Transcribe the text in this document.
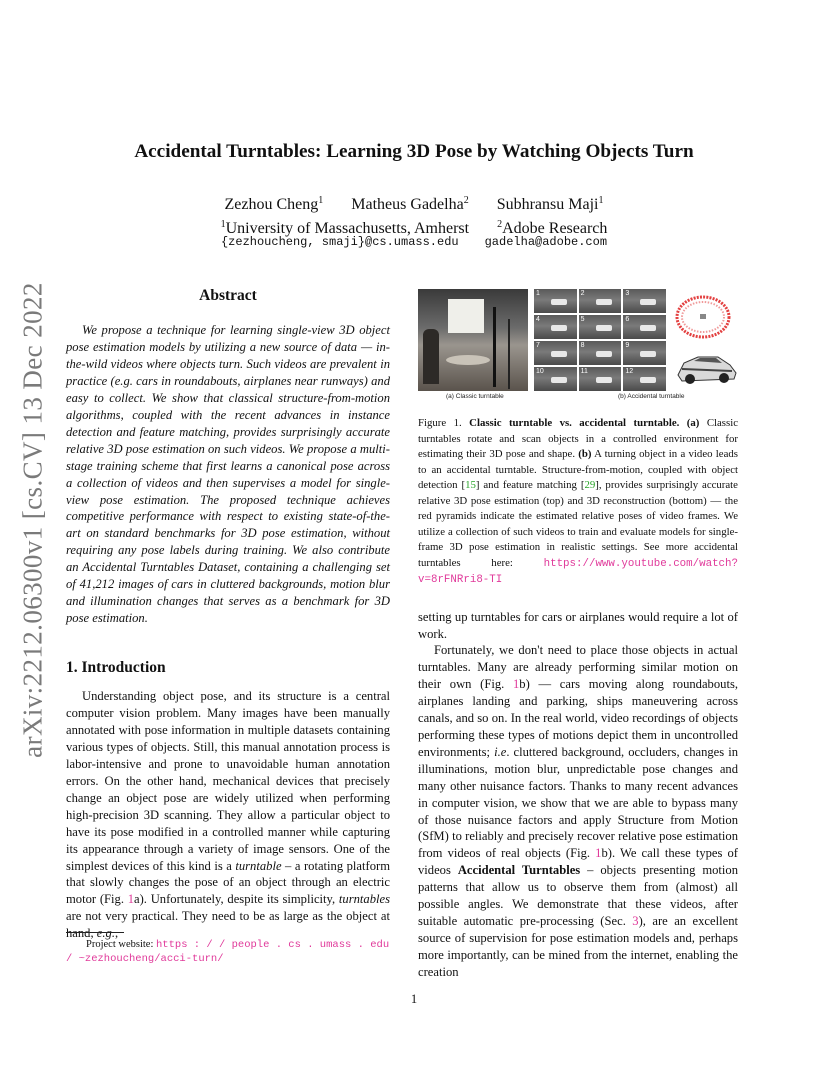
arXiv:2212.06300v1 [cs.CV] 13 Dec 2022
Accidental Turntables: Learning 3D Pose by Watching Objects Turn
Zezhou Cheng$^1$ Matheus Gadelha$^2$ Subhransu Maji$^1$
$^1$University of Massachusetts, Amherst	$^2$Adobe Research
{zezhoucheng, smaji}@cs.umass.edu gadelha@adobe.com
Abstract
We propose a technique for learning single-view 3D object pose estimation models by utilizing a new source of data — in-the-wild videos where objects turn. Such videos are prevalent in practice (e.g. cars in roundabouts, airplanes near runways) and easy to collect. We show that classical structure-from-motion algorithms, coupled with the recent advances in instance detection and feature matching, provides surprisingly accurate relative 3D pose estimation on such videos. We propose a multi-stage training scheme that first learns a canonical pose across a collection of videos and then supervises a model for single-view pose estimation. The proposed technique achieves competitive performance with respect to existing state-of-the-art on standard benchmarks for 3D pose estimation, without requiring any pose labels during training. We also contribute an Accidental Turntables Dataset, containing a challenging set of 41,212 images of cars in cluttered backgrounds, motion blur and illumination changes that serves as a benchmark for 3D pose estimation.
1. Introduction
Understanding object pose, and its structure is a central computer vision problem. Many images have been manually annotated with pose information in multiple datasets containing various types of objects. Still, this manual annotation process is labor-intensive and prone to unavoidable human annotation errors. On the other hand, mechanical devices that precisely change an object pose are widely utilized when performing high-precision 3D scanning. They allow a particular object to have its pose modified in a controlled manner while capturing its appearance through a variety of image sensors. One of the simplest devices of this kind is a turntable – a rotating platform that slowly changes the pose of an object through an electric motor (Fig. 1a). Unfortunately, despite its simplicity, turntables are not very practical. They need to be as large as the object at hand, e.g.,
Project website: https : / / people . cs . umass . edu / ~zezhoucheng/acci-turn/
1	2	3
4	5	6
7	8	9
10	11	12
(a) Classic turntable	(b) Accidental turntable
Figure 1. Classic turntable vs. accidental turntable. (a) Classic turntables rotate and scan objects in a controlled environment for estimating their 3D pose and shape. (b) A turning object in a video leads to an accidental turntable. Structure-from-motion, coupled with object detection [15] and feature matching [29], provides surprisingly accurate relative 3D pose estimation (top) and 3D reconstruction (bottom) — the red pyramids indicate the estimated relative poses of video frames. We utilize a collection of such videos to train and evaluate models for single-frame 3D pose estimation in realistic settings. See more accidental turntables here: https://www.youtube.com/watch?v=8rFNRri8-TI
setting up turntables for cars or airplanes would require a lot of work.
Fortunately, we don't need to place those objects in actual turntables. Many are already performing similar motion on their own (Fig. 1b) — cars moving along roundabouts, airplanes landing and parking, ships maneuvering across canals, and so on. In the real world, video recordings of objects performing these types of motions depict them in uncontrolled environments; i.e. cluttered background, occluders, changes in illuminations, motion blur, unpredictable pose changes and many other nuisance factors. Thanks to many recent advances in computer vision, we show that we are able to bypass many of those nuisance factors and apply Structure from Motion (SfM) to reliably and precisely recover relative pose estimation from videos of real objects (Fig. 1b). We call these types of videos Accidental Turntables – objects presenting motion patterns that allow us to observe them from (almost) all possible angles. We demonstrate that these videos, after suitable automatic pre-processing (Sec. 3), are an excellent source of supervision for pose estimation models and, perhaps more importantly, can be mined from the internet, enabling the creation
1
